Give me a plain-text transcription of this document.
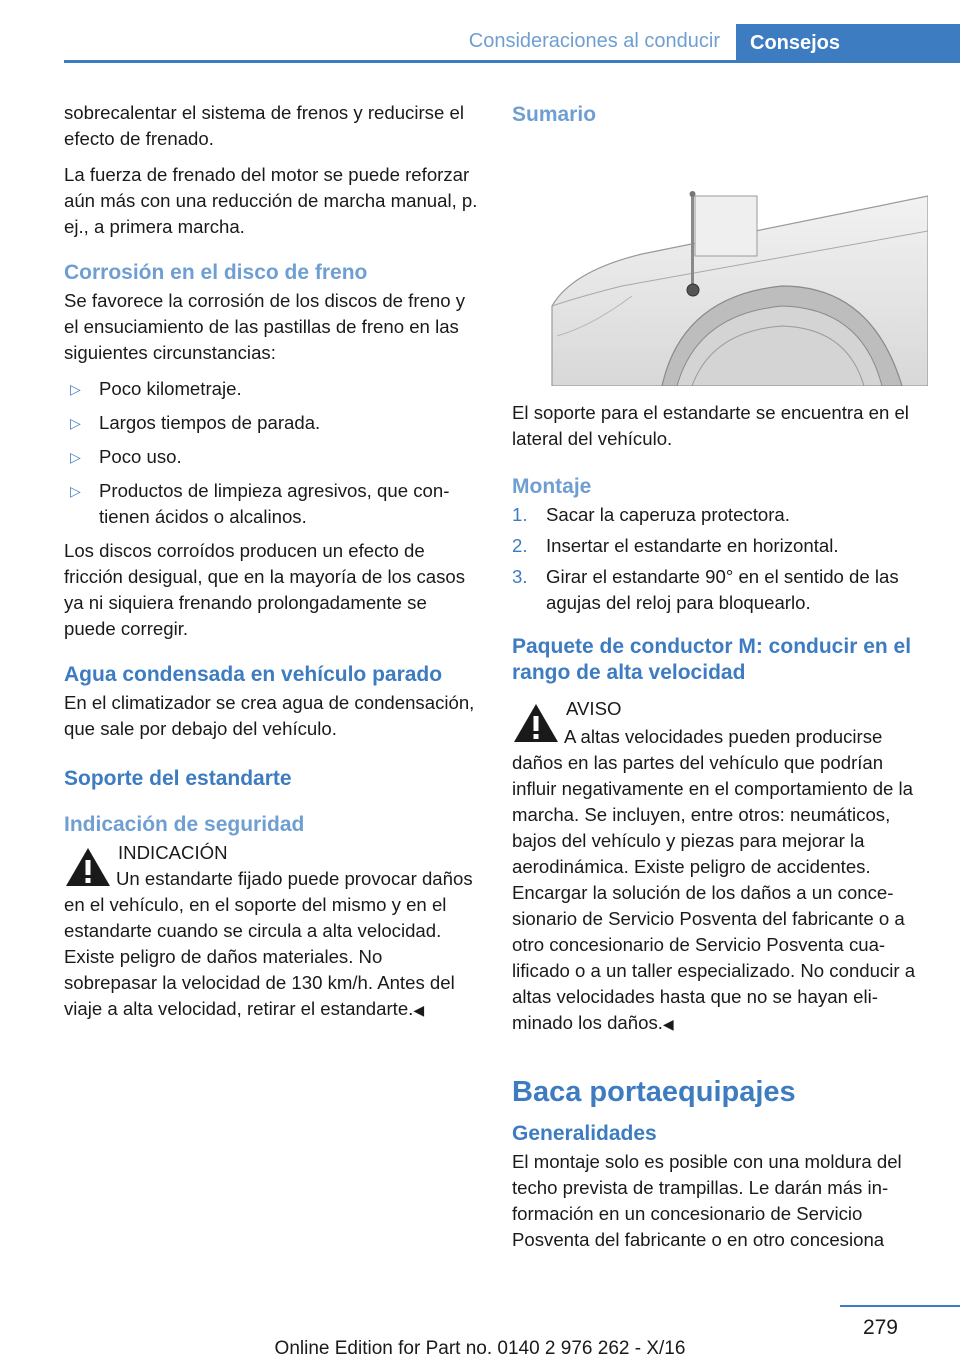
Consideraciones al conducir	Consejos

sobrecalentar el sistema de frenos y reducirse el efecto de frenado.

La fuerza de frenado del motor se puede reforzar aún más con una reducción de marcha manual, p. ej., a primera marcha.

Corrosión en el disco de freno

Se favorece la corrosión de los discos de freno y el ensuciamiento de las pastillas de freno en las siguientes circunstancias:

▷ Poco kilometraje.
▷ Largos tiempos de parada.
▷ Poco uso.
▷ Productos de limpieza agresivos, que contienen ácidos o alcalinos.

Los discos corroídos producen un efecto de fricción desigual, que en la mayoría de los casos ya ni siquiera frenando prolongadamente se puede corregir.

Agua condensada en vehículo parado

En el climatizador se crea agua de condensación, que sale por debajo del vehículo.

Soporte del estandarte
Indicación de seguridad
INDICACIÓN
Un estandarte fijado puede provocar daños en el vehículo, en el soporte del mismo y en el estandarte cuando se circula a alta velocidad. Existe peligro de daños materiales. No sobrepasar la velocidad de 130 km/h. Antes del viaje a alta velocidad, retirar el estandarte.◀
Sumario

El soporte para el estandarte se encuentra en el lateral del vehículo.

Montaje
1. Sacar la caperuza protectora.
2. Insertar el estandarte en horizontal.
3. Girar el estandarte 90° en el sentido de las agujas del reloj para bloquearlo.
Paquete de conductor M: conducir en el rango de alta velocidad
AVISO
A altas velocidades pueden producirse daños en las partes del vehículo que podrían influir negativamente en el comportamiento de la marcha. Se incluyen, entre otros: neumáticos, bajos del vehículo y piezas para mejorar la aerodinámica. Existe peligro de accidentes. Encargar la solución de los daños a un concesionario de Servicio Posventa del fabricante o a otro concesionario de Servicio Posventa cualificado o a un taller especializado. No conducir a altas velocidades hasta que no se hayan eliminado los daños.◀
Baca portaequipajes
Generalidades

El montaje solo es posible con una moldura del techo prevista de trampillas. Le darán más información en un concesionario de Servicio Posventa del fabricante o en otro concesiona

279
Online Edition for Part no. 0140 2 976 262 - X/16
